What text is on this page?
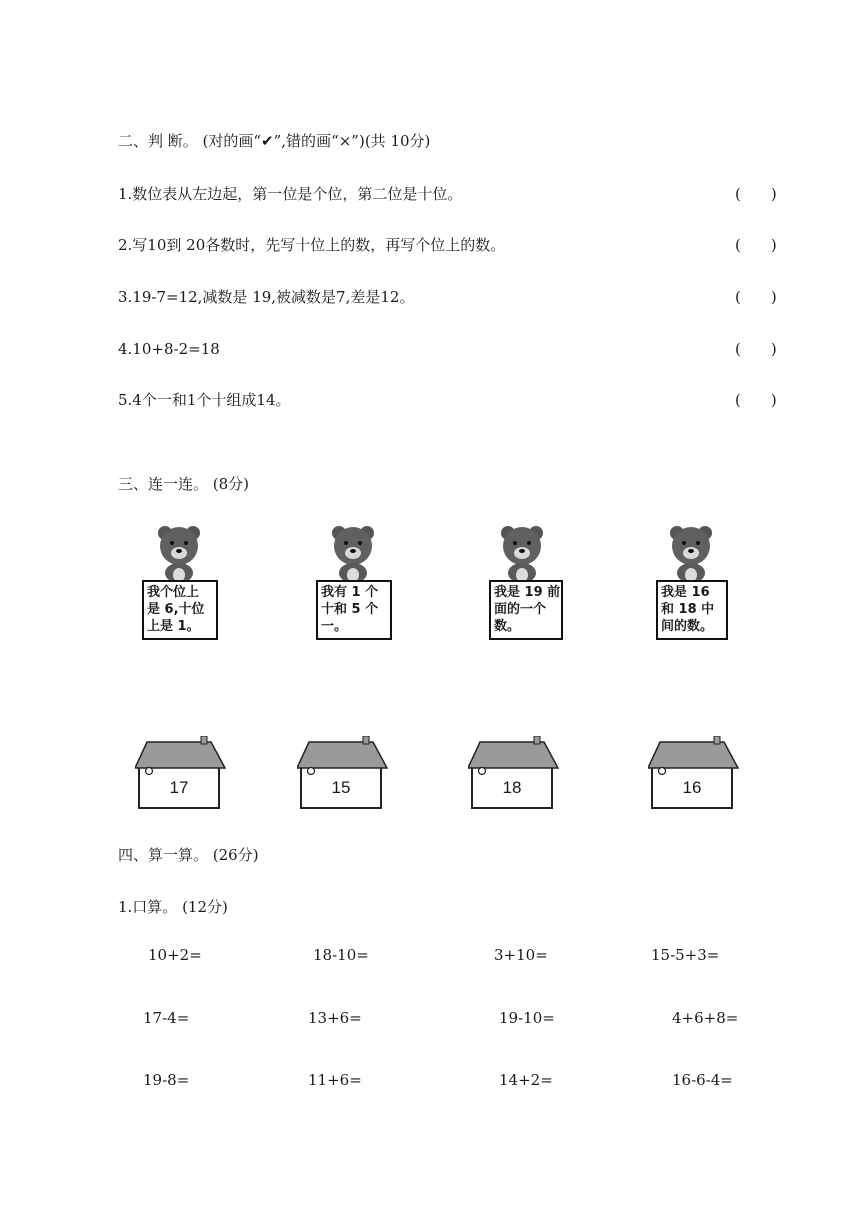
二、判 断。 (对的画“✔”,错的画“×”)(共 10分)
1.数位表从左边起，第一位是个位，第二位是十位。	(　　)
2.写10到 20各数时，先写十位上的数，再写个位上的数。	(　　)
3.19-7=12,减数是 19,被减数是7,差是12。	(　　)
4.10+8-2=18	(　　)
5.4个一和1个十组成14。	(　　)
三、连一连。 (8分)
我个位上
是 6,十位
上是 1。
我有 1 个
十和 5 个
一。
我是 19 前
面的一个
数。
我是 16
和 18 中
间的数。
17	15	18	16
四、算一算。 (26分)
1.口算。 (12分)
10+2=	18-10=	3+10=	15-5+3=
17-4=	13+6=	19-10=	4+6+8=
19-8=	11+6=	14+2=	16-6-4=
